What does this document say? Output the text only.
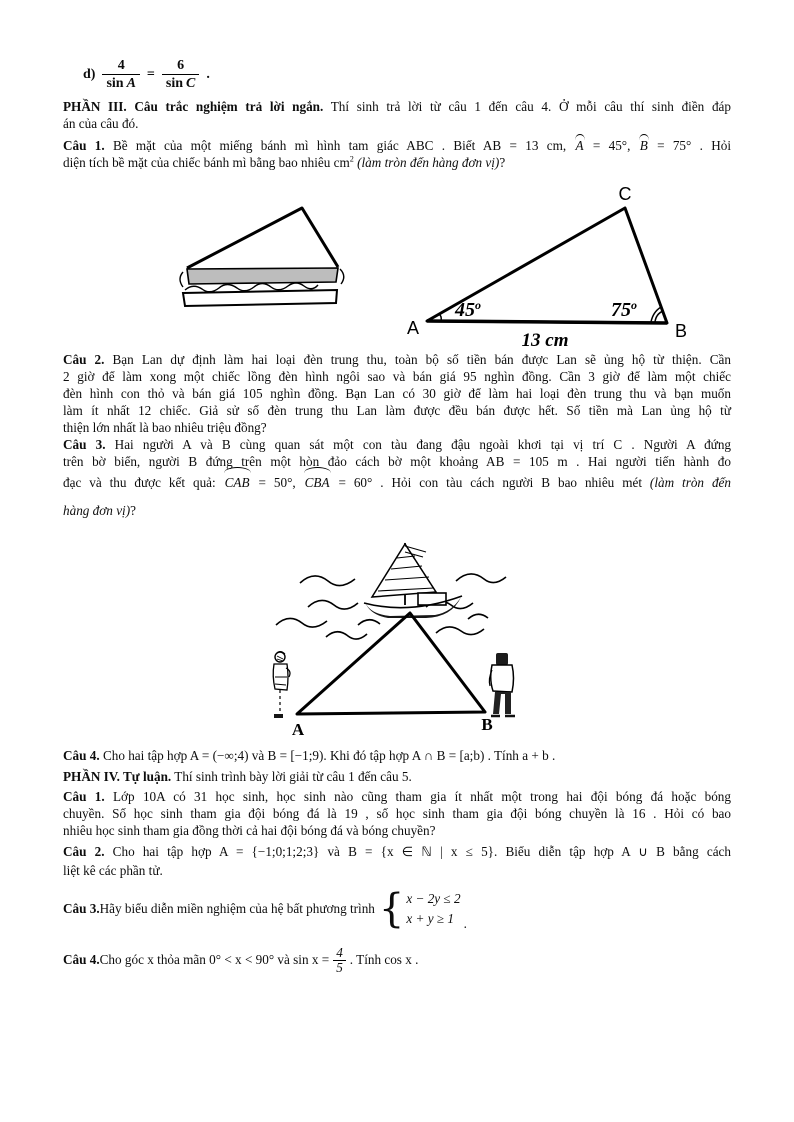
$d) \frac{4}{\text{sin A}} = \frac{6}{\text{sin C}}$ .
PHẦN III. Câu trắc nghiệm trả lời ngắn. Thí sinh trả lời từ câu 1 đến câu 4. Ở mỗi câu thí sinh điền đáp
án của câu đó.
Câu 1. Bề mặt của một miếng bánh mì hình tam giác ABC . Biết AB = 13 cm, A = 45°, B = 75° . Hỏi
diện tích bề mặt của chiếc bánh mì bằng bao nhiêu $cm^2$ (làm tròn đến hàng đơn vị)?
C
A	B
45$^o$	75$^o$
13 cm
Câu 2. Bạn Lan dự định làm hai loại đèn trung thu, toàn bộ số tiền bán được Lan sẽ ủng hộ từ thiện. Cần
2 giờ để làm xong một chiếc lồng đèn hình ngôi sao và bán giá 95 nghìn đồng. Cần 3 giờ để làm một chiếc
đèn hình con thỏ và bán giá 105 nghìn đồng. Bạn Lan có 30 giờ để làm hai loại đèn trung thu và bạn muốn
làm ít nhất 12 chiếc. Giả sử số đèn trung thu Lan làm được đều bán được hết. Số tiền mà Lan ủng hộ từ
thiện lớn nhất là bao nhiêu triệu đồng?
Câu 3. Hai người A và B cùng quan sát một con tàu đang đậu ngoài khơi tại vị trí C . Người A đứng
trên bờ biển, người B đứng trên một hòn đảo cách bờ một khoảng AB = 105 m . Hai người tiến hành đo
đạc và thu được kết quả: CAB = 50°, CBA = 60° . Hỏi con tàu cách người B bao nhiêu mét (làm tròn đến
hàng đơn vị)?
A	B
Câu 4. Cho hai tập hợp A = (−∞;4) và B = [−1;9). Khi đó tập hợp A ∩ B = [a;b) . Tính a + b .
PHẦN IV. Tự luận. Thí sinh trình bày lời giải từ câu 1 đến câu 5.
Câu 1. Lớp 10A có 31 học sinh, học sinh nào cũng tham gia ít nhất một trong hai đội bóng đá hoặc bóng
chuyền. Số học sinh tham gia đội bóng đá là 19 , số học sinh tham gia đội bóng chuyền là 16 . Hỏi có bao
nhiêu học sinh tham gia đồng thời cả hai đội bóng đá và bóng chuyền?
Câu 2. Cho hai tập hợp A = {−1;0;1;2;3} và B = {x ∈ ℕ | x ≤ 5}. Biểu diễn tập hợp A ∪ B bằng cách
liệt kê các phần tử.
Câu 3. Hãy biểu diễn miền nghiệm của hệ bất phương trình { x − 2y ≤ 2
x + y ≥ 1 .
Câu 4. Cho góc x thỏa mãn 0° < x < 90° và $\sin x = \frac{4}{5}$ . Tính cos x .
